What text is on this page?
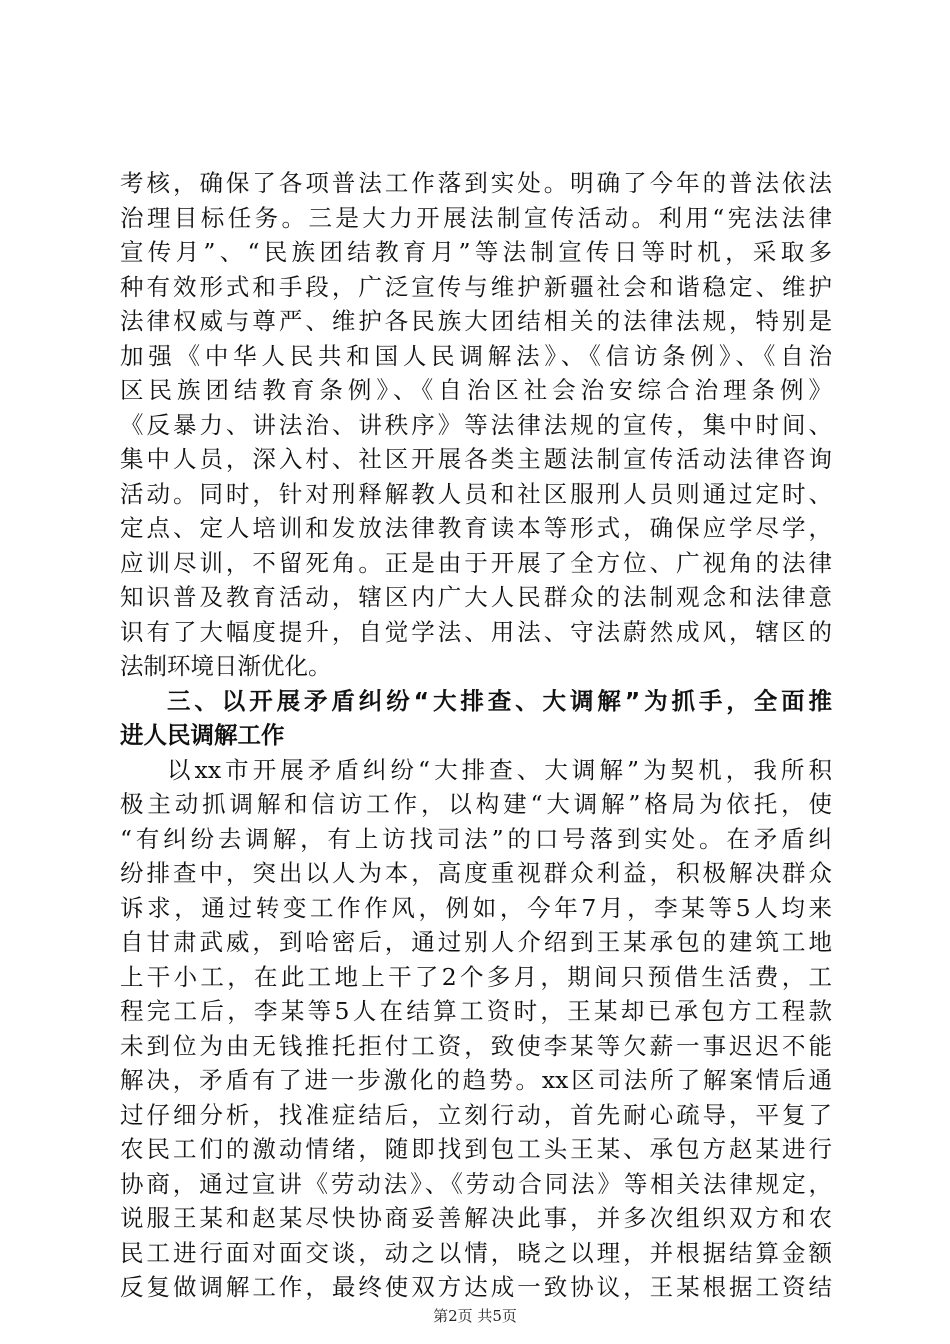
考核，确保了各项普法工作落到实处。明确了今年的普法依法
治理目标任务。三是大力开展法制宣传活动。利用“宪法法律
宣传月”、“民族团结教育月”等法制宣传日等时机，采取多
种有效形式和手段，广泛宣传与维护新疆社会和谐稳定、维护
法律权威与尊严、维护各民族大团结相关的法律法规，特别是
加强《中华人民共和国人民调解法》、《信访条例》、《自治
区民族团结教育条例》、《自治区社会治安综合治理条例》
《反暴力、讲法治、讲秩序》等法律法规的宣传，集中时间、
集中人员，深入村、社区开展各类主题法制宣传活动法律咨询
活动。同时，针对刑释解教人员和社区服刑人员则通过定时、
定点、定人培训和发放法律教育读本等形式，确保应学尽学，
应训尽训，不留死角。正是由于开展了全方位、广视角的法律
知识普及教育活动，辖区内广大人民群众的法制观念和法律意
识有了大幅度提升，自觉学法、用法、守法蔚然成风，辖区的
法制环境日渐优化。
三、以开展矛盾纠纷“大排查、大调解”为抓手，全面推
进人民调解工作
以xx市开展矛盾纠纷“大排查、大调解”为契机，我所积
极主动抓调解和信访工作，以构建“大调解”格局为依托，使
“有纠纷去调解，有上访找司法”的口号落到实处。在矛盾纠
纷排查中，突出以人为本，高度重视群众利益，积极解决群众
诉求，通过转变工作作风，例如，今年7月，李某等5人均来
自甘肃武威，到哈密后，通过别人介绍到王某承包的建筑工地
上干小工，在此工地上干了2个多月，期间只预借生活费，工
程完工后，李某等5人在结算工资时，王某却已承包方工程款
未到位为由无钱推托拒付工资，致使李某等欠薪一事迟迟不能
解决，矛盾有了进一步激化的趋势。xx区司法所了解案情后通
过仔细分析，找准症结后，立刻行动，首先耐心疏导，平复了
农民工们的激动情绪，随即找到包工头王某、承包方赵某进行
协商，通过宣讲《劳动法》、《劳动合同法》等相关法律规定，
说服王某和赵某尽快协商妥善解决此事，并多次组织双方和农
民工进行面对面交谈，动之以情，晓之以理，并根据结算金额
反复做调解工作，最终使双方达成一致协议，王某根据工资结
第2页 共5页
